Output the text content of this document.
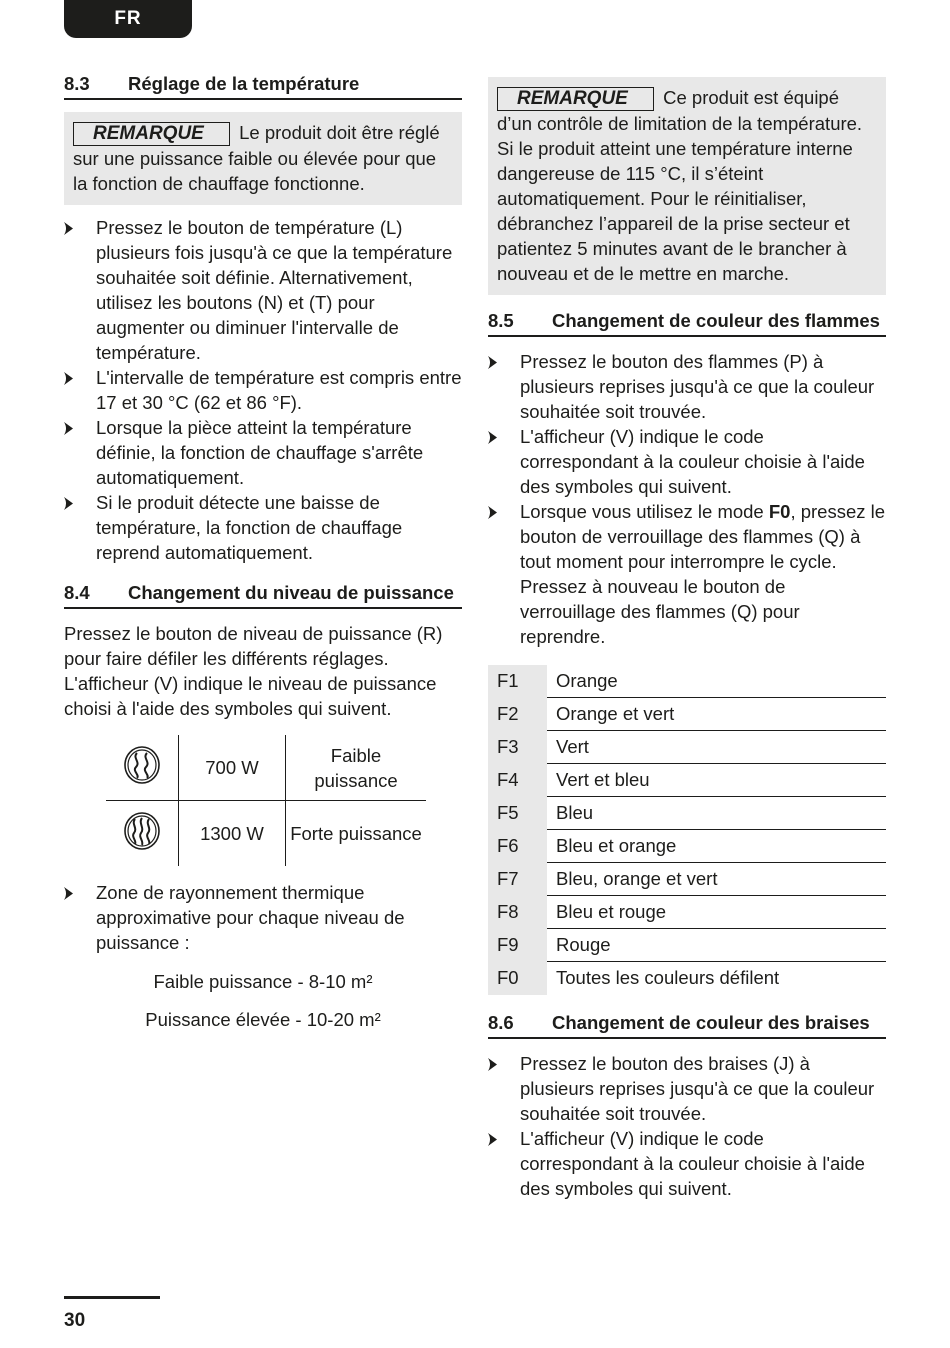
FR
8.3	Réglage de la température
REMARQUE Le produit doit être réglé sur une puissance faible ou élevée pour que la fonction de chauffage fonctionne.
Pressez le bouton de température (L) plusieurs fois jusqu'à ce que la température souhaitée soit définie. Alternativement, utilisez les boutons (N) et (T) pour augmenter ou diminuer l'intervalle de température.
L'intervalle de température est compris entre 17 et 30 °C (62 et 86 °F).
Lorsque la pièce atteint la température définie, la fonction de chauffage s'arrête automatiquement.
Si le produit détecte une baisse de température, la fonction de chauffage reprend automatiquement.
8.4	Changement du niveau de puissance

Pressez le bouton de niveau de puissance (R) pour faire défiler les différents réglages. L'afficheur (V) indique le niveau de puissance choisi à l'aide des symboles qui suivent.

	700 W	Faible puissance
	1300 W	Forte puissance
Zone de rayonnement thermique approximative pour chaque niveau de puissance :

Faible puissance - 8-10 m²

Puissance élevée - 10-20 m²

REMARQUE Ce produit est équipé d’un contrôle de limitation de la température. Si le produit atteint une température interne dangereuse de 115 °C, il s’éteint automatiquement. Pour le réinitialiser, débranchez l’appareil de la prise secteur et patientez 5 minutes avant de le brancher à nouveau et de le mettre en marche.
8.5	Changement de couleur des flammes
Pressez le bouton des flammes (P) à plusieurs reprises jusqu'à ce que la couleur souhaitée soit trouvée.
L'afficheur (V) indique le code correspondant à la couleur choisie à l'aide des symboles qui suivent.
Lorsque vous utilisez le mode F0, pressez le bouton de verrouillage des flammes (Q) à tout moment pour interrompre le cycle. Pressez à nouveau le bouton de verrouillage des flammes (Q) pour reprendre.
F1	Orange
F2	Orange et vert
F3	Vert
F4	Vert et bleu
F5	Bleu
F6	Bleu et orange
F7	Bleu, orange et vert
F8	Bleu et rouge
F9	Rouge
F0	Toutes les couleurs défilent
8.6	Changement de couleur des braises
Pressez le bouton des braises (J) à plusieurs reprises jusqu'à ce que la couleur souhaitée soit trouvée.
L'afficheur (V) indique le code correspondant à la couleur choisie à l'aide des symboles qui suivent.
30
